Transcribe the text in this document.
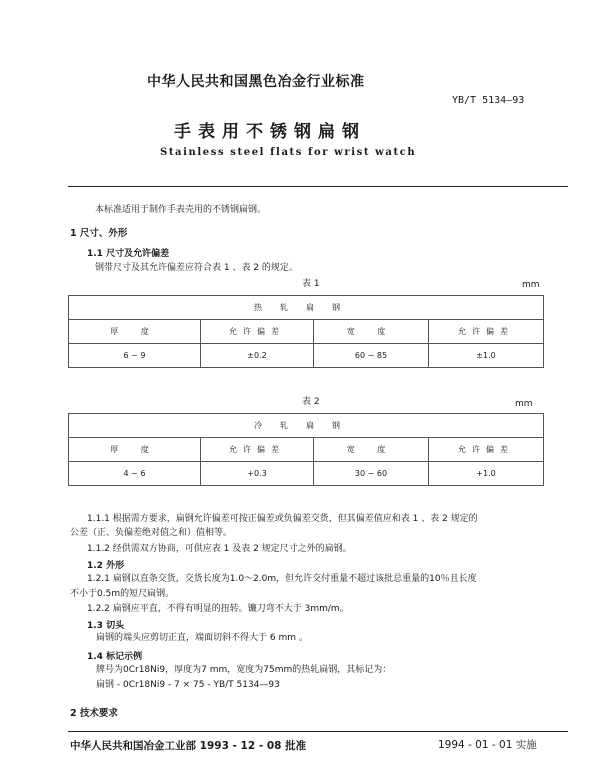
中华人民共和国黑色冶金行业标准
YB/T 5134—93
手表用不锈钢扁钢
Stainless steel flats for wrist watch
本标准适用于制作手表壳用的不锈钢扁钢。
1 尺寸、外形
1.1 尺寸及允许偏差
钢带尺寸及其允许偏差应符合表 1 、表 2 的规定。
表 1	mm
热轧扁钢			
厚 度	允许偏差	宽 度	允许偏差
6 ~ 9	±0.2	60 ~ 85	±1.0
表 2	mm
冷轧扁钢			
厚 度	允许偏差	宽 度	允许偏差
4 ~ 6	+0.3	30 ~ 60	+1.0
1.1.1 根据需方要求，扁钢允许偏差可按正偏差或负偏差交货，但其偏差值应和表 1 、表 2 规定的
公差（正、负偏差绝对值之和）值相等。
1.1.2 经供需双方协商，可供应表 1 及表 2 规定尺寸之外的扁钢。
1.2 外形
1.2.1 扁钢以直条交货，交货长度为1.0～2.0m，但允许交付重量不超过该批总重量的10％且长度
不小于0.5m的短尺扁钢。
1.2.2 扁钢应平直，不得有明显的扭转。镰刀弯不大于 3mm/m。
1.3 切头
扁钢的端头应剪切正直，端面切斜不得大于 6 mm 。
1.4 标记示例
牌号为0Cr18Ni9，厚度为7 mm，宽度为75mm的热轧扁钢，其标记为：
扁钢 - 0Cr18Ni9 - 7 × 75 - YB/T 5134—93
2 技术要求
中华人民共和国冶金工业部 1993 - 12 - 08 批准	1994 - 01 - 01 实施
